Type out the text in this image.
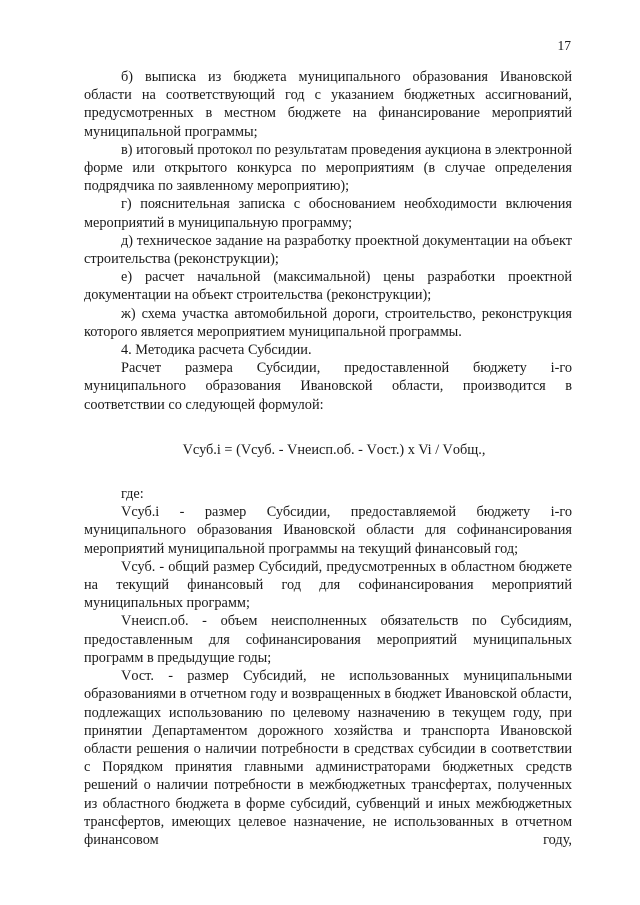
17

б) выписка из бюджета муниципального образования Ивановской области на соответствующий год с указанием бюджетных ассигнований, предусмотренных в местном бюджете на финансирование мероприятий муниципальной программы;

в) итоговый протокол по результатам проведения аукциона в электронной форме или открытого конкурса по мероприятиям (в случае определения подрядчика по заявленному мероприятию);

г) пояснительная записка с обоснованием необходимости включения мероприятий в муниципальную программу;

д) техническое задание на разработку проектной документации на объект строительства (реконструкции);

е) расчет начальной (максимальной) цены разработки проектной документации на объект строительства (реконструкции);

ж) схема участка автомобильной дороги, строительство, реконструкция которого является мероприятием муниципальной программы.

4. Методика расчета Субсидии.

Расчет размера Субсидии, предоставленной бюджету i-го муниципального образования Ивановской области, производится в соответствии со следующей формулой:

Vсуб.i = (Vсуб. - Vнеисп.об. - Vост.) x Vi / Vобщ.,

где:

Vсуб.i - размер Субсидии, предоставляемой бюджету i-го муниципального образования Ивановской области для софинансирования мероприятий муниципальной программы на текущий финансовый год;

Vсуб. - общий размер Субсидий, предусмотренных в областном бюджете на текущий финансовый год для софинансирования мероприятий муниципальных программ;

Vнеисп.об. - объем неисполненных обязательств по Субсидиям, предоставленным для софинансирования мероприятий муниципальных программ в предыдущие годы;

Vост. - размер Субсидий, не использованных муниципальными образованиями в отчетном году и возвращенных в бюджет Ивановской области, подлежащих использованию по целевому назначению в текущем году, при принятии Департаментом дорожного хозяйства и транспорта Ивановской области решения о наличии потребности в средствах субсидии в соответствии с Порядком принятия главными администраторами бюджетных средств решений о наличии потребности в межбюджетных трансфертах, полученных из областного бюджета в форме субсидий, субвенций и иных межбюджетных трансфертов, имеющих целевое назначение, не использованных в отчетном финансовом году,
